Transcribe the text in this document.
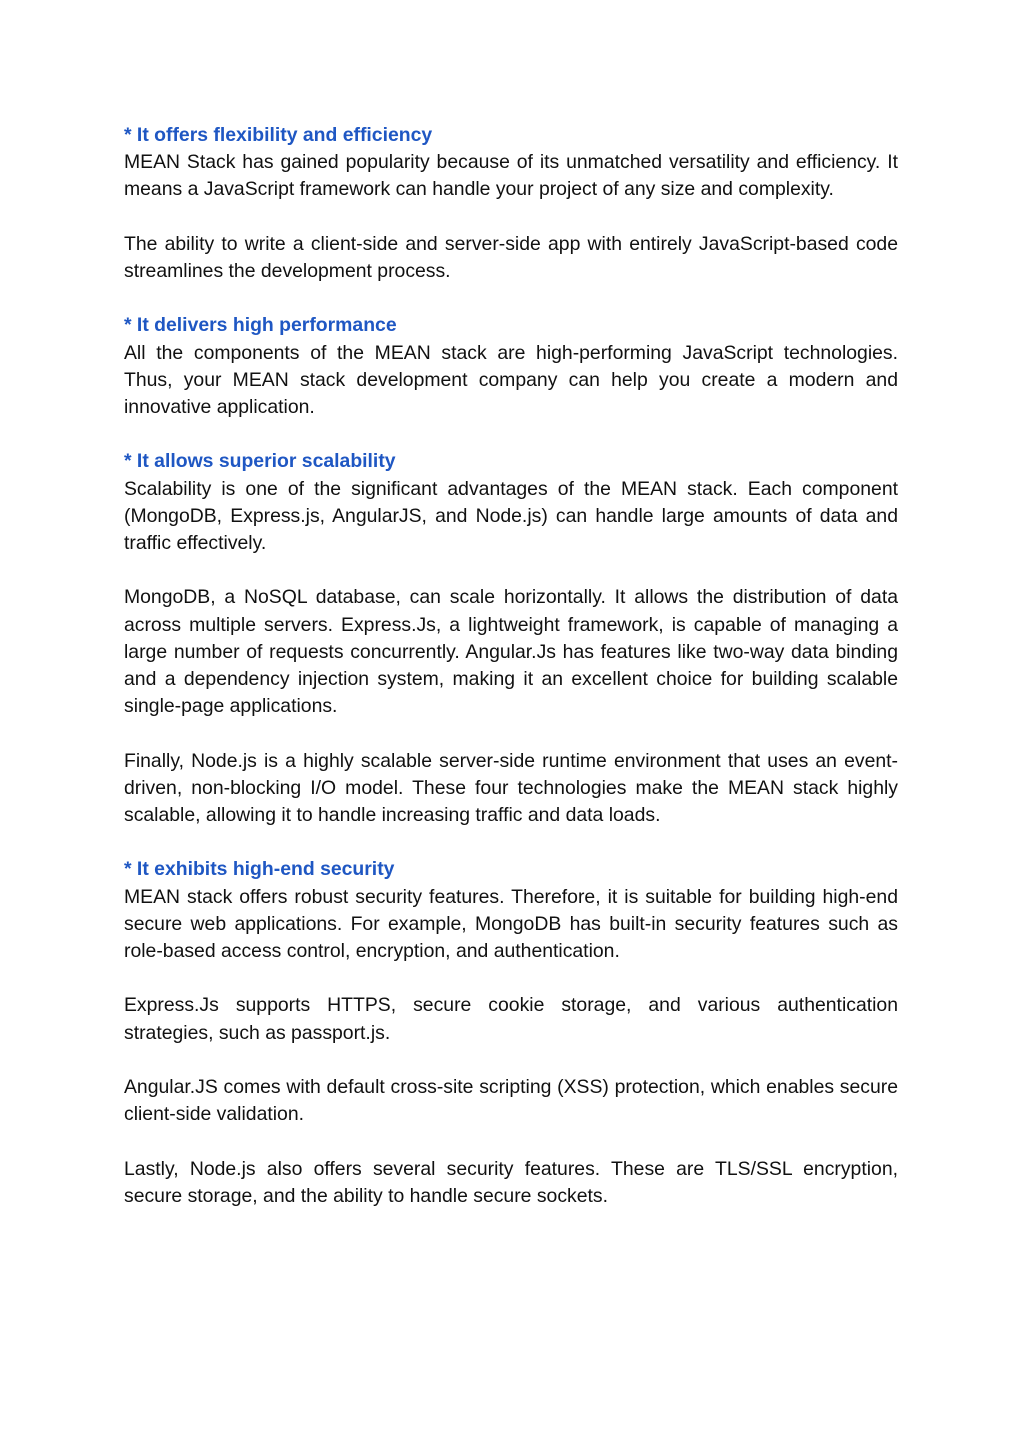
* It offers flexibility and efficiency

MEAN Stack has gained popularity because of its unmatched versatility and efficiency. It means a JavaScript framework can handle your project of any size and complexity.

The ability to write a client-side and server-side app with entirely JavaScript-based code streamlines the development process.

* It delivers high performance

All the components of the MEAN stack are high-performing JavaScript technologies. Thus, your MEAN stack development company can help you create a modern and innovative application.

* It allows superior scalability

Scalability is one of the significant advantages of the MEAN stack. Each component (MongoDB, Express.js, AngularJS, and Node.js) can handle large amounts of data and traffic effectively.

MongoDB, a NoSQL database, can scale horizontally. It allows the distribution of data across multiple servers. Express.Js, a lightweight framework, is capable of managing a large number of requests concurrently. Angular.Js has features like two-way data binding and a dependency injection system, making it an excellent choice for building scalable single-page applications.

Finally, Node.js is a highly scalable server-side runtime environment that uses an event-driven, non-blocking I/O model. These four technologies make the MEAN stack highly scalable, allowing it to handle increasing traffic and data loads.

* It exhibits high-end security

MEAN stack offers robust security features. Therefore, it is suitable for building high-end secure web applications. For example, MongoDB has built-in security features such as role-based access control, encryption, and authentication.

Express.Js supports HTTPS, secure cookie storage, and various authentication strategies, such as passport.js.

Angular.JS comes with default cross-site scripting (XSS) protection, which enables secure client-side validation.

Lastly, Node.js also offers several security features. These are TLS/SSL encryption, secure storage, and the ability to handle secure sockets.
